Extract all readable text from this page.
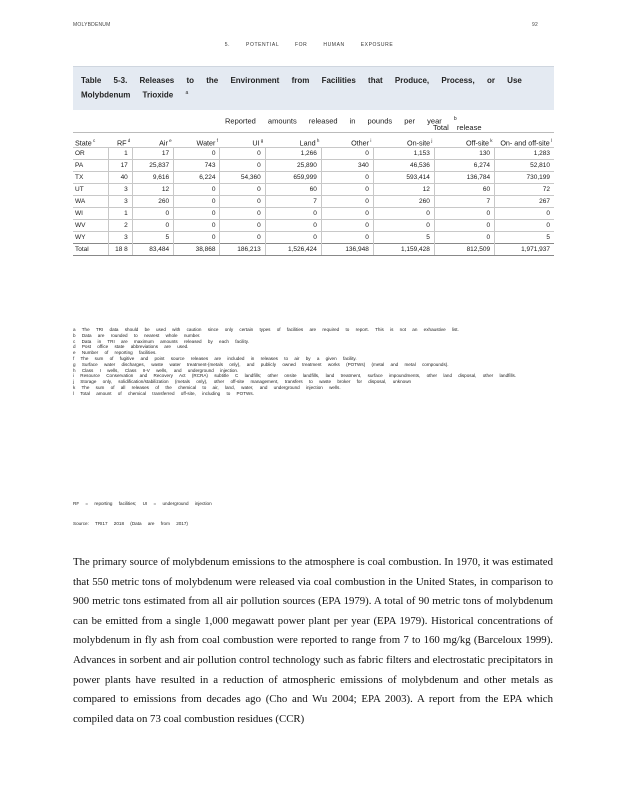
MOLYBDENUM	92
5. POTENTIAL FOR HUMAN EXPOSURE
Table 5-3. Releases to the Environment from Facilities that Produce, Process, or Use Molybdenum Trioxide $^a$
Reported amounts released in pounds per year $^b$
Total release
State $^c$	RF $^d$	Air $^e$	Water $^f$	UI $^g$	Land $^h$	Other $^i$	On-site $^j$	Off-site $^k$	On- and off-site $^l$
OR	1	17	0	0	1,266	0	1,153	130	1,283
PA	17	25,837	743	0	25,890	340	46,536	6,274	52,810
TX	40	9,616	6,224	54,360	659,999	0	593,414	136,784	730,199
UT	3	12	0	0	60	0	12	60	72
WA	3	260	0	0	7	0	260	7	267
WI	1	0	0	0	0	0	0	0	0
WV	2	0	0	0	0	0	0	0	0
WY	3	5	0	0	0	0	5	0	5
Total	18 8	83,484	38,868	186,213	1,526,424	136,948	1,159,428	812,509	1,971,937
a The TRI data should be used with caution since only certain types of facilities are required to report. This is not an exhaustive list.
b Data are rounded to nearest whole number.
c Data in TRI are maximum amounts released by each facility.
d Post office state abbreviations are used.
e Number of reporting facilities.
f The sum of fugitive and point source releases are included in releases to air by a given facility.
g Surface water discharges, waste water treatment-(metals only), and publicly owned treatment works (POTWs) (metal and metal compounds).
h Class I wells, Class II-V wells, and underground injection.
i Resource Conservation and Recovery Act (RCRA) subtitle C landfills; other onsite landfills, land treatment, surface impoundments, other land disposal, other landfills.
j Storage only, solidification/stabilization (metals only), other off-site management, transfers to waste broker for disposal, unknown
k The sum of all releases of the chemical to air, land, water, and underground injection wells.
l Total amount of chemical transferred off-site, including to POTWs.
RF = reporting facilities; UI = underground injection
Source: TRI17 2018 (Data are from 2017)

The primary source of molybdenum emissions to the atmosphere is coal combustion. In 1970, it was estimated that 550 metric tons of molybdenum were released via coal combustion in the United States, in comparison to 900 metric tons estimated from all air pollution sources (EPA 1979). A total of 90 metric tons of molybdenum can be emitted from a single 1,000 megawatt power plant per year (EPA 1979). Historical concentrations of molybdenum in fly ash from coal combustion were reported to range from 7 to 160 mg/kg (Barceloux 1999). Advances in sorbent and air pollution control technology such as fabric filters and electrostatic precipitators in power plants have resulted in a reduction of atmospheric emissions of molybdenum and other metals as compared to emissions from decades ago (Cho and Wu 2004; EPA 2003). A report from the EPA which compiled data on 73 coal combustion residues (CCR)
